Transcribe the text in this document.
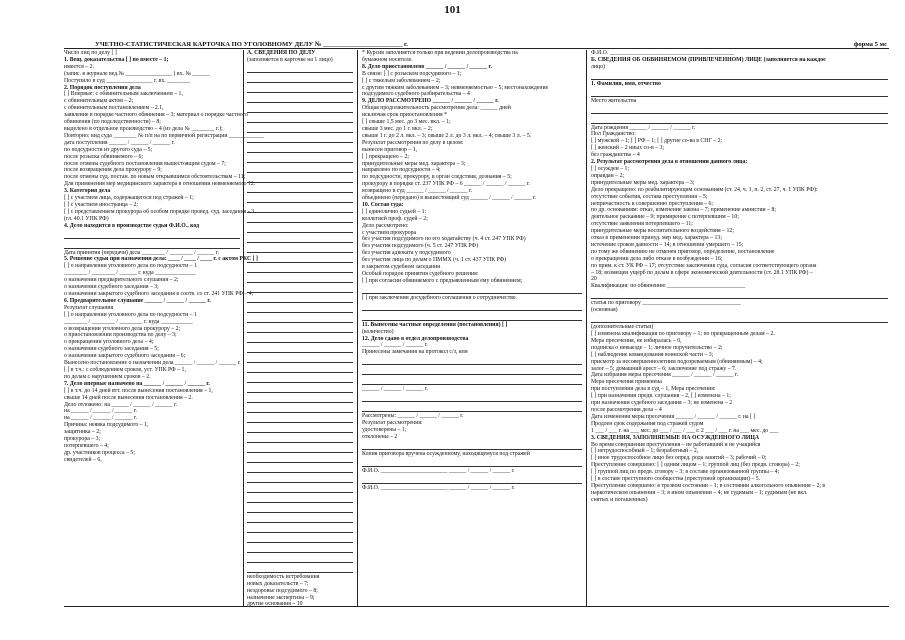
101
УЧЕТНО-СТАТИСТИЧЕСКАЯ КАРТОЧКА ПО УГОЛОВНОМУ ДЕЛУ № ________________________ г.	форма 5 мс
Число лиц по делу [ ]
1. Вещ. доказательства [ ] по вместе – 1;
имеется – 2.
(запис. в журнале вед.№ ________________ ) вх. № ______
Поступило в суд ________________ г. вх. ________
2. Порядок поступления дела
[ ] Впервые: с обвинительным заключением – 1,
с обвинительным актом – 2;
с обвинительным постановлением – 2.1,
заявление в порядке частного обвинения – 3; материал о порядке частного
обвинения (по подследственности) – 8;
выделено в отдельное производство – 4 (из дела № ________ г.);
Повторно: вид суда ________ № п/п на по первичной регистрации ____________
дата поступления ______ / ______ / ______ г.
по подсудности из другого суда – 5;
после розыска обвиняемого – 6;
после отмены судебного постановления вышестоящим судом – 7;
после возвращения дела прокурору – 9;
после отмены суд. постан. по новым открывшимся обстоятельствам – 11;
Для применения мер медицинского характера в отношении невменяемого 12.
3. Категория дела
[ ] с участием лица, содержащегося под стражей – 1;
[ ] с участием иностранца – 2;
[ ] с представлением прокурора об особом порядке провед. суд. заседания - 3
(гл. 40.1 УПК РФ)
4. Дело находится в производстве судьи Ф.И.О., код
Дата принятия (передачи) дела ________ / ________ / ______ г.
5. Решение судьи при назначении дела: ____ / ____ / ____ г. с актом РКС [ ]
[ ] о направлении уголовного дела по подсудности – 1
________ / ________ / ______ г. куда ______________
о назначении предварительного слушания – 2;
о назначении судебного заседания – 3;
о назначении закрытого судебного заседания в соотв. со ст. 241 УПК РФ – 4;
6. Предварительное слушание ______ / ______ / ______ г.
Результат слушания
[ ] о направлении уголовного дела по подсудности – 1
________ / ________ / ________ г. куда ___________
о возвращении уголовного дела прокурору – 2;
о приостановлении производства по делу – 3;
о прекращении уголовного дела – 4;
о назначении судебного заседания – 5;
о назначении закрытого судебного заседания – 6;
Вынесено постановление о назначении дела ______ / ______ / ______ г.
[ ] в т.ч.: с соблюдением сроков, уст. УПК РФ – 1,
по делам с нарушением сроков – 2.
7. Дело впервые назначено на ______ / ______ / ______ г.
[ ] в т.ч. до 14 дней втт. после вынесения постановления – 1,
свыше 14 дней после вынесения постановления – 2.
Дело отложено: на ______ / ______ / ______ г.
на ______ / ______ / ______ г.
на ______ / ______ / ______ г.
Причина: неявка подсудимого – 1,
защитника – 2;
прокурора – 3;
потерпевшего – 4;
др. участников процесса – 5;
свидетелей – 6,
А. СВЕДЕНИЯ ПО ДЕЛУ
(заполняется в карточке на 1 лицо)
необходимость истребования
новых доказательств – 7;
нездоровье подсудимого – 8;
назначение экспертизы – 9;
другие основания – 10
* Курсив заполняется только при ведении делопроизводства на
бумажном носителе.
8. Дело приостановлено ______ / ______ / ______ г.
В связи: [ ] с розыском подсудимого – 1;
[ ] с тяжелым заболеванием – 2;
с другим тяжким заболеванием – 3; невменяемостью – 5; местонахождение
подсудимого судебного разбирательства – 4
9. ДЕЛО РАССМОТРЕНО ______ / ______ / ______ г.
Общая продолжительность рассмотрения дела: ______ дней
исключая срок приостановления *
[ ] свыше 1,5 мес. до 3 мес. вкл. – 1;
свыше 3 мес. до 1 г. вкл. – 2;
свыше 1 г. до 2 л. вкл. – 3; свыше 2 л. до 3 л. вкл. – 4; свыше 3 л. – 5.
Результат рассмотрения по делу в целом:
вынесен приговор – 1,
[ ] прекращено – 2;
принудительные меры мед. характера – 3;
направлено по подсудности – 4;
по подсудности, прокурору, в орган следствия, дознания – 5;
прокурору в порядке ст. 237 УПК РФ – 6 ______ / ______ / ______ г.
возвращено в суд ______ / ______ / ______ г.
объединено (передано) в вышестоящий суд ______ / ______ / ______ г.
10. Состав суда:
[ ] единолично судьей – 1;
коллегией проф. судей – 2;
Дело рассмотрено:
с участием прокурора
без участия подсудимого по его ходатайству (ч. 4 ст. 247 УПК РФ)
без участия подсудимого (ч. 5 ст. 247 УПК РФ)
без участия адвоката у подсудимого
без участия лица по делам о ПММХ (ч. 1 ст. 437 УПК РФ)
в закрытом судебном заседании
Особый порядок принятия судебного решения:
[ ] при согласии обвиняемого с предъявленным ему обвинением;
[ ] при заключении досудебного соглашения о сотрудничестве.
11. Вынесены частные определения (постановления) [ ]
(количество)
12. Дело сдано в отдел делопроизводства
______ / ______ / ______ г.
Принесены замечания на протокол с/з, кем
______ / ______ / ______ г.
Рассмотрены: ______ / ______ / ______ г.
Результат рассмотрения:
удостоверены – 1;
отклонены – 2
Копия приговора вручена осужденному, находящемуся под стражей
Ф.И.О. _______________________ ______ / ______ / ______ г.
Ф.И.О. _______________________ ______ / ______ / ______ г.
Ф.И.О. ___________________________________________
Б. СВЕДЕНИЯ ОБ ОБВИНЯЕМОМ (ПРИВЛЕЧЕННОМ) ЛИЦЕ (заполняется на каждое
лицо)
1. Фамилия, имя, отчество
Место жительства
Дата рождения ______ / ______ / ______ г.
Пол Гражданство:
[ ] мужской – 1; [ ] РФ – 1; [ ] другие со-ва в СНГ – 2;
[ ] женский – 2 иных со-в – 3;
без гражданства – 4
2. Результат рассмотрения дела в отношении данного лица:
[ ] осужден – 1;
оправдан – 2;
принудительные меры мед. характера – 3;
Дело прекращено: по реабилитирующим основаниям (ст. 24, ч. 1, п. 2, ст. 27, ч. 1 УПК РФ):
отсутствие события, состава преступления – 5;
непричастность к совершению преступления – 6;
по др. основаниям: отказ, изменение закона – 7; применение амнистии – 8;
деятельное раскаяние – 9; примирение с потерпевшим – 10;
отсутствие заявления потерпевшего – 11;
принудительные меры воспитательного воздействия – 12;
отказ в применении принуд. мер мед. характера – 13;
истечение сроков давности – 14; в отношении умершего – 15;
по тому же обвинению не отменен приговор, определение, постановление
о прекращении дела либо отказе в возбуждении – 16;
по прим. к ст. УК РФ – 17; отсутствие заключения суда, согласия соответствующего органа
– 18; возмещен ущерб по делам в сфере экономической деятельности (ст. 28.1 УПК РФ) –
20
Квалификация: по обвинению ___________________________
статья по приговору __________________________________
(основная)
(дополнительные статьи)
[ ] изменена квалификация по приговору – 1; по прекращенным делам – 2.
Мера пресечения, не избиралась – 0,
подписка о невыезде – 1; личное поручительство – 2;
[ ] наблюдение командования воинской части – 3;
присмотр за несовершеннолетним подозреваемым (обвиняемым) – 4;
залог – 5; домашний арест – 6; заключение под стражу – 7.
Дата избрания меры пресечения ______ / ______ / ______ г.
Мера пресечения применена
при поступлении дела в суд – 1, Мера пресечения:
[ ] при назначении предв. слушания – 2, [ ] изменена – 1;
при назначении судебного заседания – 3; не изменена – 2
после рассмотрения дела – 4
Дата изменения меры пресечения ______ / ______ / ______ г. на [ ]
Продлен срок содержания под стражей судом
1 ___ / ___ г. на ___ мес. до ___ / ___ / ___ г. 2 ___ / ___ г. на ___ мес. до ___
3. СВЕДЕНИЯ, ЗАПОЛНЯЕМЫЕ НА ОСУЖДЕННОГО ЛИЦА
Во время совершения преступления – не работавший и не учащийся
[ ] нетрудоспособный – 1; безработный – 2,
[ ] иное трудоспособное лицо без опред. рода занятий – 3; рабочий – 0;
Преступление совершено: [ ] одним лицом – 1; группой лиц (без предв. сговора) – 2;
[ ] группой лиц по предв. сговору – 3; в составе организованной группы – 4;
[ ] в составе преступного сообщества (преступной организации) – 5.
Преступление совершено: в трезвом состоянии – 1; в состоянии алкогольного опьянения – 2; в
наркотическом опьянении – 3; в ином опьянении – 4; не судимым – 1; судимым (не вкл.
снятых и погашенных)
